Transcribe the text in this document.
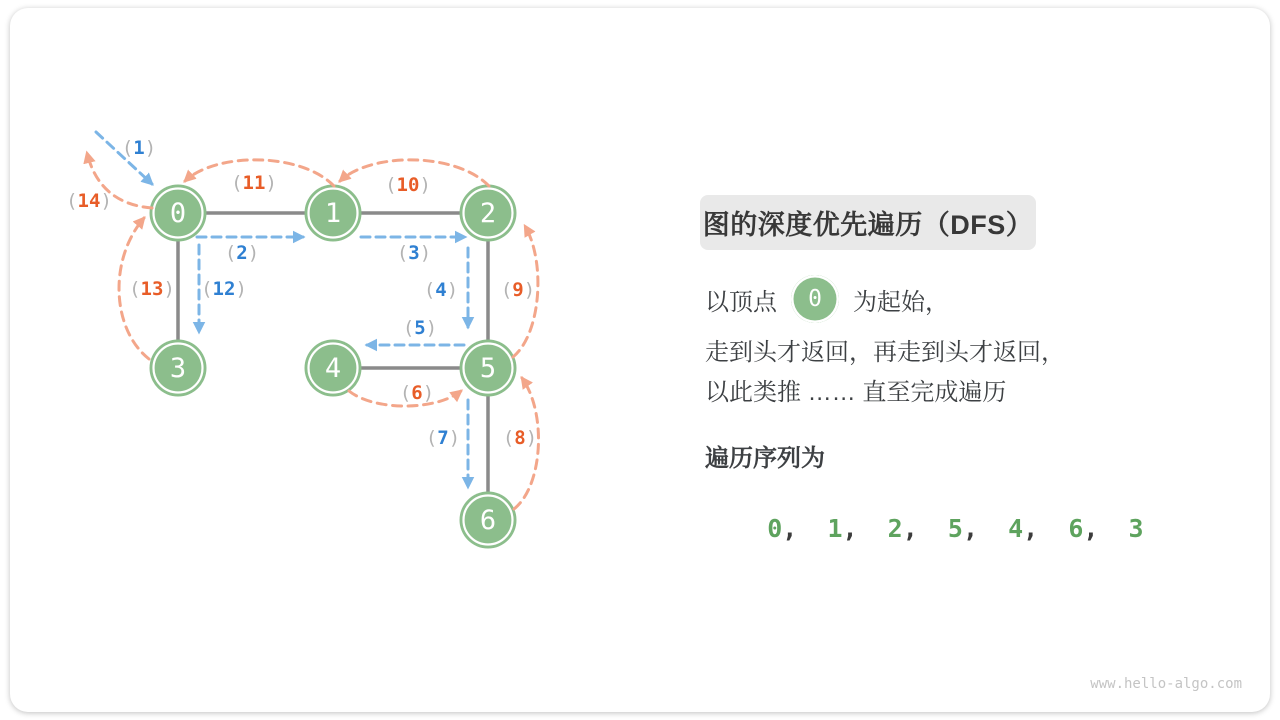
0	1	2
3	4	5
6
(1)
(2)	(3)
(4)
(5)
(6)
(7) (8)
(9)
(10)
(11)
(12)
(13)
(14)
图的深度优先遍历（DFS）
以顶点 0 为起始，
走到头才返回，再走到头才返回，
以此类推 …… 直至完成遍历
遍历序列为

0,  1,  2,  5,  4,  6,  3

www.hello-algo.com
